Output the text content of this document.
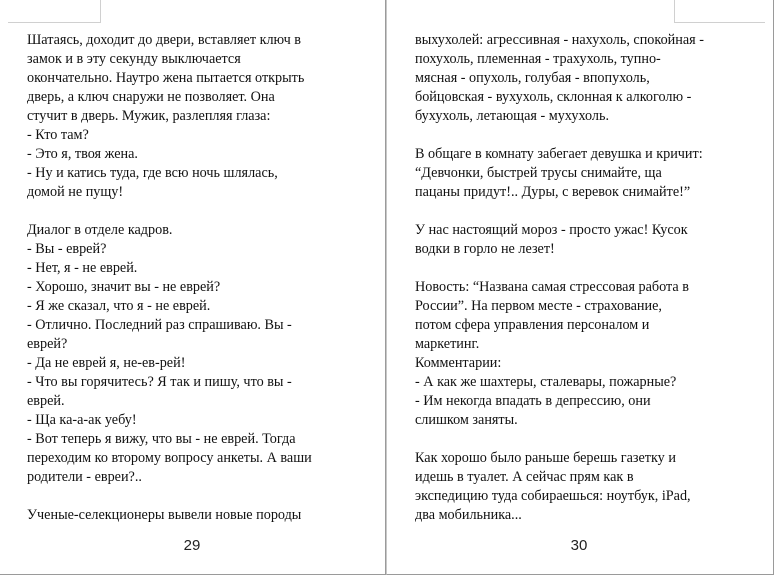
Шатаясь, доходит до двери, вставляет ключ в
замок и в эту секунду выключается
окончательно. Наутро жена пытается открыть
дверь, а ключ снаружи не позволяет. Она
стучит в дверь. Мужик, разлепляя глаза:
- Кто там?
- Это я, твоя жена.
- Ну и катись туда, где всю ночь шлялась,
домой не пущу!
Диалог в отделе кадров.
- Вы - еврей?
- Нет, я - не еврей.
- Хорошо, значит вы - не еврей?
- Я же сказал, что я - не еврей.
- Отлично. Последний раз спрашиваю. Вы -
еврей?
- Да не еврей я, не-ев-рей!
- Что вы горячитесь? Я так и пишу, что вы -
еврей.
- Ща ка-а-ак уебу!
- Вот теперь я вижу, что вы - не еврей. Тогда
переходим ко второму вопросу анкеты. А ваши
родители - евреи?..
Ученые-селекционеры вывели новые породы
29
выхухолей: агрессивная - нахухоль, спокойная -
похухоль, племенная - трахухоль, тупно-
мясная - опухоль, голубая - впопухоль,
бойцовская - вухухоль, склонная к алкоголю -
бухухоль, летающая - мухухоль.
В общаге в комнату забегает девушка и кричит:
“Девчонки, быстрей трусы снимайте, ща
пацаны придут!.. Дуры, с веревок снимайте!”
У нас настоящий мороз - просто ужас! Кусок
водки в горло не лезет!
Новость: “Названа самая стрессовая работа в
России”. На первом месте - страхование,
потом сфера управления персоналом и
маркетинг.
Комментарии:
- А как же шахтеры, сталевары, пожарные?
- Им некогда впадать в депрессию, они
слишком заняты.
Как хорошо было раньше берешь газетку и
идешь в туалет. А сейчас прям как в
экспедицию туда собираешься: ноутбук, iPad,
два мобильника...
30
